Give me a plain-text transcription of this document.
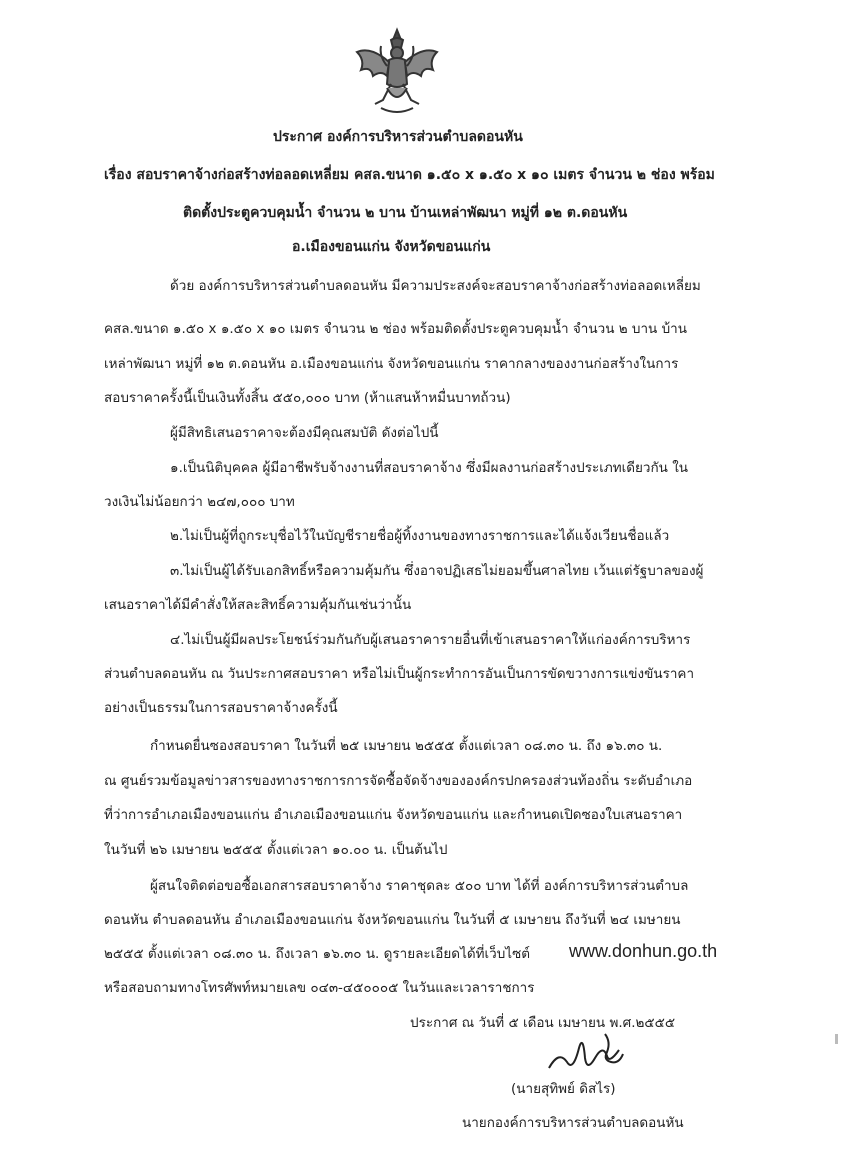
ประกาศ องค์การบริหารส่วนตำบลดอนหัน
เรื่อง สอบราคาจ้างก่อสร้างท่อลอดเหลี่ยม คสล.ขนาด ๑.๕๐ x ๑.๕๐ x ๑๐ เมตร จำนวน ๒ ช่อง พร้อม
ติดตั้งประตูควบคุมน้ำ จำนวน ๒ บาน บ้านเหล่าพัฒนา หมู่ที่ ๑๒ ต.ดอนหัน
อ.เมืองขอนแก่น จังหวัดขอนแก่น
ด้วย องค์การบริหารส่วนตำบลดอนหัน มีความประสงค์จะสอบราคาจ้างก่อสร้างท่อลอดเหลี่ยม
คสล.ขนาด ๑.๕๐ x ๑.๕๐ x ๑๐ เมตร จำนวน ๒ ช่อง พร้อมติดตั้งประตูควบคุมน้ำ จำนวน ๒ บาน บ้าน
เหล่าพัฒนา หมู่ที่ ๑๒ ต.ดอนหัน อ.เมืองขอนแก่น จังหวัดขอนแก่น ราคากลางของงานก่อสร้างในการ
สอบราคาครั้งนี้เป็นเงินทั้งสิ้น ๕๕๐,๐๐๐ บาท (ห้าแสนห้าหมื่นบาทถ้วน)
ผู้มีสิทธิเสนอราคาจะต้องมีคุณสมบัติ ดังต่อไปนี้
๑.เป็นนิติบุคคล ผู้มีอาชีพรับจ้างงานที่สอบราคาจ้าง ซึ่งมีผลงานก่อสร้างประเภทเดียวกัน ใน
วงเงินไม่น้อยกว่า ๒๔๗,๐๐๐ บาท
๒.ไม่เป็นผู้ที่ถูกระบุชื่อไว้ในบัญชีรายชื่อผู้ทิ้งงานของทางราชการและได้แจ้งเวียนชื่อแล้ว
๓.ไม่เป็นผู้ได้รับเอกสิทธิ์หรือความคุ้มกัน ซึ่งอาจปฏิเสธไม่ยอมขึ้นศาลไทย เว้นแต่รัฐบาลของผู้
เสนอราคาได้มีคำสั่งให้สละสิทธิ์ความคุ้มกันเช่นว่านั้น
๔.ไม่เป็นผู้มีผลประโยชน์ร่วมกันกับผู้เสนอราคารายอื่นที่เข้าเสนอราคาให้แก่องค์การบริหาร
ส่วนตำบลดอนหัน ณ วันประกาศสอบราคา หรือไม่เป็นผู้กระทำการอันเป็นการขัดขวางการแข่งขันราคา
อย่างเป็นธรรมในการสอบราคาจ้างครั้งนี้
กำหนดยื่นซองสอบราคา ในวันที่ ๒๕ เมษายน ๒๕๕๕ ตั้งแต่เวลา ๐๘.๓๐ น. ถึง ๑๖.๓๐ น.
ณ ศูนย์รวมข้อมูลข่าวสารของทางราชการการจัดซื้อจัดจ้างขององค์กรปกครองส่วนท้องถิ่น ระดับอำเภอ
ที่ว่าการอำเภอเมืองขอนแก่น อำเภอเมืองขอนแก่น จังหวัดขอนแก่น และกำหนดเปิดซองใบเสนอราคา
ในวันที่ ๒๖ เมษายน ๒๕๕๕ ตั้งแต่เวลา ๑๐.๐๐ น. เป็นต้นไป
ผู้สนใจติดต่อขอซื้อเอกสารสอบราคาจ้าง ราคาชุดละ ๕๐๐ บาท ได้ที่ องค์การบริหารส่วนตำบล
ดอนหัน ตำบลดอนหัน อำเภอเมืองขอนแก่น จังหวัดขอนแก่น ในวันที่ ๕ เมษายน ถึงวันที่ ๒๔ เมษายน
๒๕๕๕ ตั้งแต่เวลา ๐๘.๓๐ น. ถึงเวลา ๑๖.๓๐ น. ดูรายละเอียดได้ที่เว็บไซต์ www.donhun.go.th
หรือสอบถามทางโทรศัพท์หมายเลข ๐๔๓-๔๕๐๐๐๕ ในวันและเวลาราชการ
ประกาศ ณ วันที่ ๕ เดือน เมษายน พ.ศ.๒๕๕๕
(นายสุทิพย์ ดิสไร)
นายกองค์การบริหารส่วนตำบลดอนหัน
